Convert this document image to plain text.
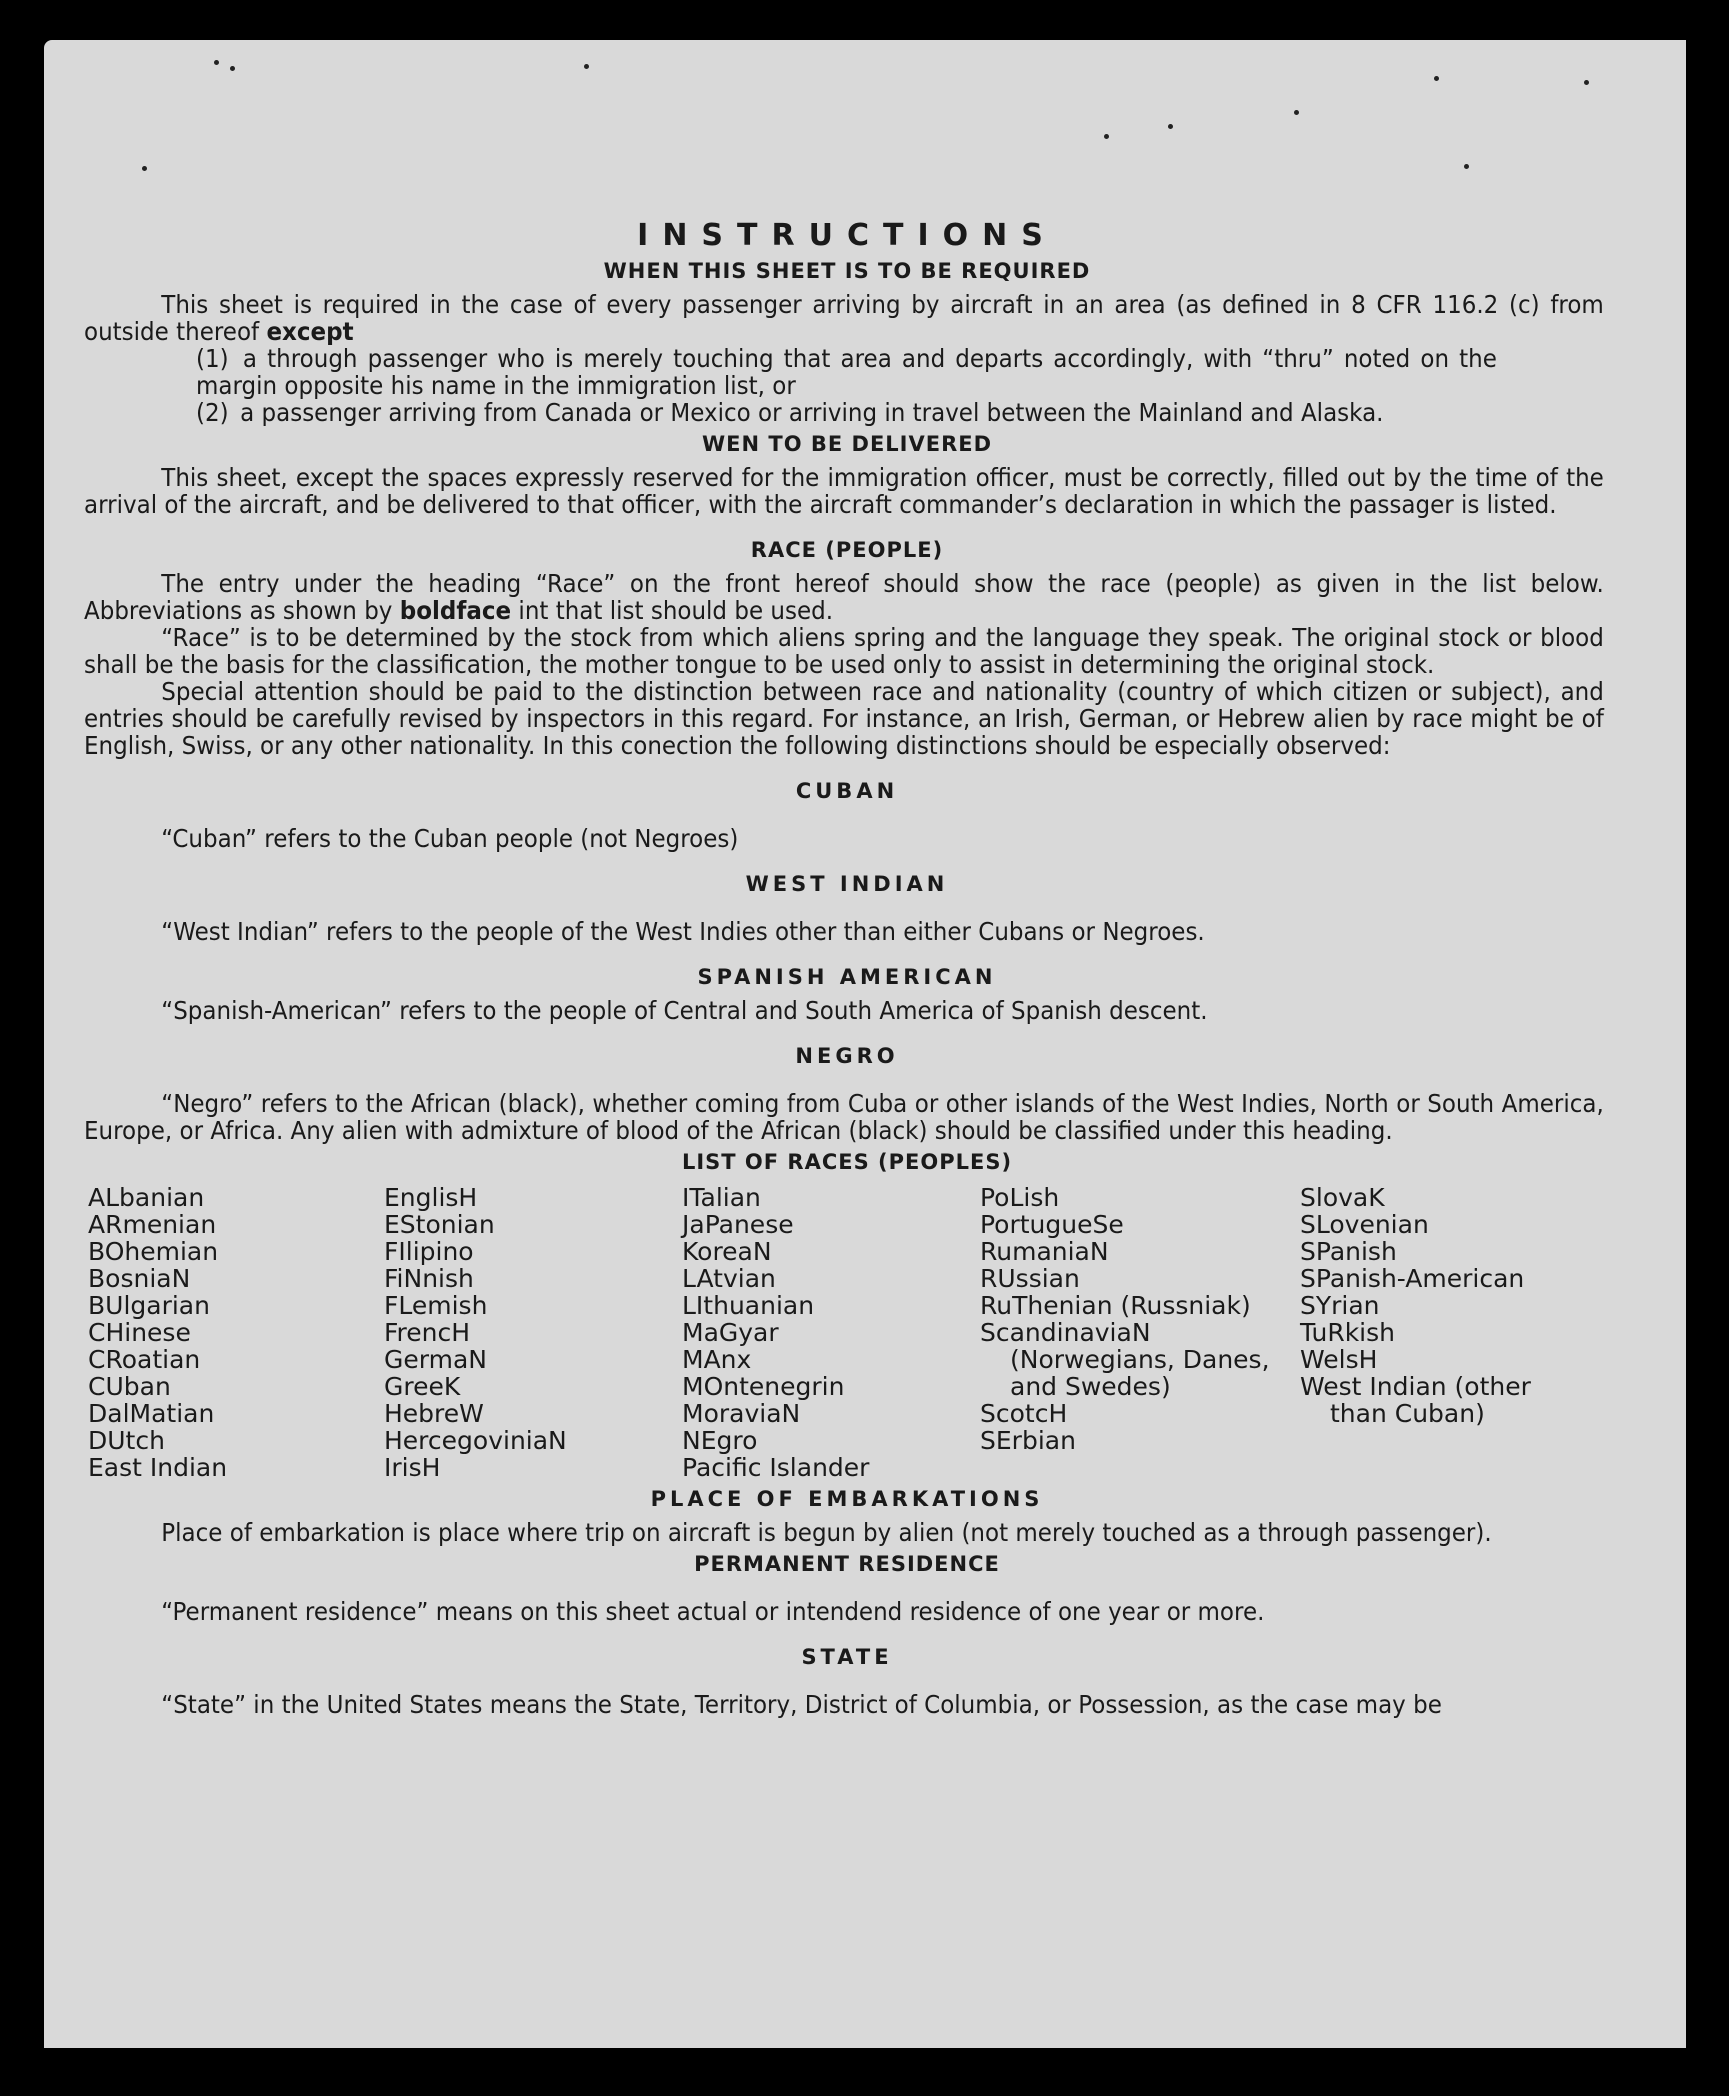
INSTRUCTIONS
WHEN THIS SHEET IS TO BE REQUIRED

This sheet is required in the case of every passenger arriving by aircraft in an area (as defined in 8 CFR 116.2 (c) from outside thereof except

(1) a through passenger who is merely touching that area and departs accordingly, with “thru” noted on the margin opposite his name in the immigration list, or

(2) a passenger arriving from Canada or Mexico or arriving in travel between the Mainland and Alaska.

WEN TO BE DELIVERED

This sheet, except the spaces expressly reserved for the immigration officer, must be correctly, filled out by the time of the arrival of the aircraft, and be delivered to that officer, with the aircraft commander’s declaration in which the passager is listed.

RACE (PEOPLE)

The entry under the heading “Race” on the front hereof should show the race (people) as given in the list below. Abbreviations as shown by boldface int that list should be used.

“Race” is to be determined by the stock from which aliens spring and the language they speak. The original stock or blood shall be the basis for the classification, the mother tongue to be used only to assist in determining the original stock.

Special attention should be paid to the distinction between race and nationality (country of which citizen or subject), and entries should be carefully revised by inspectors in this regard. For instance, an Irish, German, or Hebrew alien by race might be of English, Swiss, or any other nationality. In this conection the following distinctions should be especially observed:

CUBAN

“Cuban” refers to the Cuban people (not Negroes)

WEST INDIAN

“West Indian” refers to the people of the West Indies other than either Cubans or Negroes.

SPANISH AMERICAN

“Spanish-American” refers to the people of Central and South America of Spanish descent.

NEGRO

“Negro” refers to the African (black), whether coming from Cuba or other islands of the West Indies, North or South America, Europe, or Africa. Any alien with admixture of blood of the African (black) should be classified under this heading.

LIST OF RACES (PEOPLES)
ALbanian
ARmenian
BOhemian
BosniaN
BUlgarian
CHinese
CRoatian
CUban
DalMatian
DUtch
East Indian
EnglisH
EStonian
FIlipino
FiNnish
FLemish
FrencH
GermaN
GreeK
HebreW
HercegoviniaN
IrisH
ITalian
JaPanese
KoreaN
LAtvian
LIthuanian
MaGyar
MAnx
MOntenegrin
MoraviaN
NEgro
Pacific Islander
PoLish
PortugueSe
RumaniaN
RUssian
RuThenian (Russniak)
ScandinaviaN (Norwegians, Danes, and Swedes)
ScotcH
SErbian
SlovaK
SLovenian
SPanish
SPanish-American
SYrian
TuRkish
WelsH
West Indian (other than Cuban)
PLACE OF EMBARKATIONS

Place of embarkation is place where trip on aircraft is begun by alien (not merely touched as a through passenger).

PERMANENT RESIDENCE

“Permanent residence” means on this sheet actual or intendend residence of one year or more.

STATE

“State” in the United States means the State, Territory, District of Columbia, or Possession, as the case may be
